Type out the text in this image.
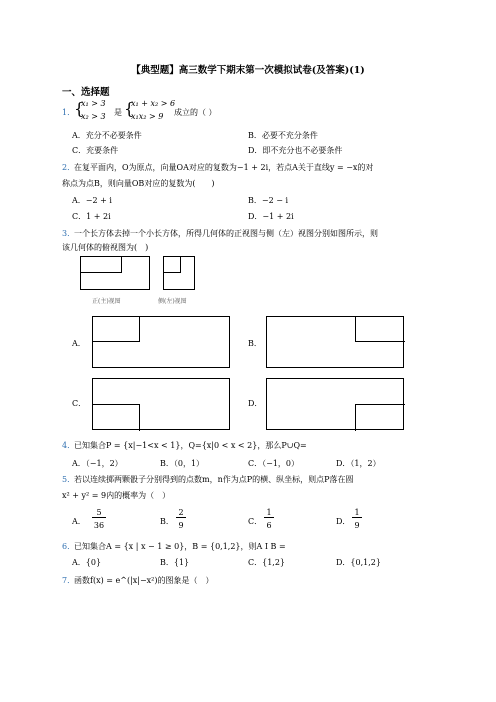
【典型题】高三数学下期末第一次模拟试卷(及答案)(1)
一、选择题
1．
{
x₁ > 3
x₂ > 3 是 {
x₁ + x₂ > 6
x₁x₂ > 9 成立的（ ）
A．充分不必要条件	B．必要不充分条件
C．充要条件	D．即不充分也不必要条件
2．
在复平面内，O为原点，向量OA对应的复数为−1 + 2i，若点A关于直线y = −x的对
称点为点B，则向量OB对应的复数为(　　)
A．−2 + i	B．−2 − i
C．1 + 2i	D．−1 + 2i
3．
一个长方体去掉一个小长方体，所得几何体的正视图与侧（左）视图分别如图所示，则
该几何体的俯视图为(　)
正(主)视图	侧(左)视图
A．	B．
C．	D．
4．
已知集合P = {x|−1<x < 1}，Q={x|0 < x < 2}，那么P∪Q=
A．（−1，2）	B．（0，1）	C．（−1，0）	D．（1，2）
5．
若以连续掷两颗骰子分别得到的点数m，n作为点P的横、纵坐标，则点P落在圆
x² + y² = 9内的概率为（　）
A．
5
36	B．
2
9	C．
1
6	D．
1
9
6．
已知集合A = {x | x − 1 ≥ 0}，B = {0,1,2}，则A I B =
A．{0}	B．{1}	C．{1,2}	D．{0,1,2}
7．
函数f(x) = e^(|x|−x²)的图象是（　）
